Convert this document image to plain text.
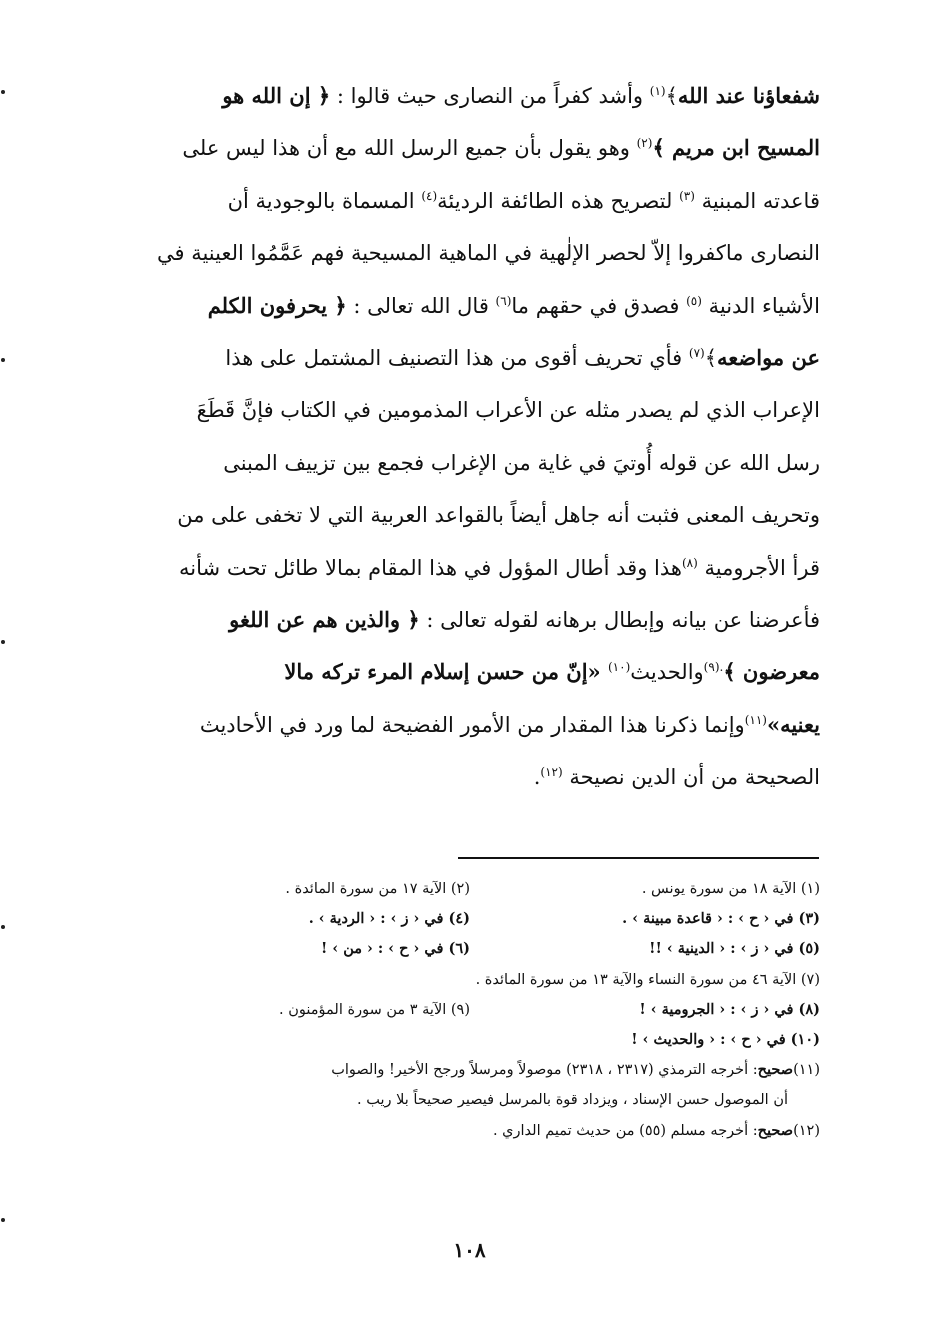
شفعاؤنا عند الله﴾$^{(١)}$ وأشد كفراً من النصارى حيث قالوا : ﴿ إن الله هو

المسيح ابن مريم ﴾$^{(٢)}$ وهو يقول بأن جميع الرسل الله مع أن هذا ليس على

قاعدته المبنية $^{(٣)}$ لتصريح هذه الطائفة الرديئة$^{(٤)}$ المسماة بالوجودية أن

النصارى ماكفروا إلاّ لحصر الإلٰهية في الماهية المسيحية فهم عَمَّمُوا العينية في

الأشياء الدنية $^{(٥)}$ فصدق في حقهم ما$^{(٦)}$ قال الله تعالى : ﴿ يحرفون الكلم

عن مواضعه﴾$^{(٧)}$ فأي تحريف أقوى من هذا التصنيف المشتمل على هذا

الإعراب الذي لم يصدر مثله عن الأعراب المذمومين في الكتاب فإنَّ قَطَعَ

رسل الله عن قوله أُوتيَ في غاية من الإغراب فجمع بين تزييف المبنى

وتحريف المعنى فثبت أنه جاهل أيضاً بالقواعد العربية التي لا تخفى على من

قرأ الأجرومية $^{(٨)}$هذا وقد أطال المؤول في هذا المقام بمالا طائل تحت شأنه

فأعرضنا عن بيانه وإبطال برهانه لقوله تعالى : ﴿ والذين هم عن اللغو

معرضون ﴾$^{.(٩)}$والحديث$^{(١٠)}$ «إنّ من حسن إسلام المرء تركه مالا

يعنيه»$^{(١١)}$وإنما ذكرنا هذا المقدار من الأمور الفضيحة لما ورد في الأحاديث

الصحيحة من أن الدين نصيحة $^{(١٢)}$.

(١) الآية ١٨ من سورة يونس .
(٢) الآية ١٧ من سورة المائدة .
(٣) في ‹ ح › : ‹ قاعدة مبينة › .
(٤) في ‹ ز › : ‹ الردية › .
(٥) في ‹ ز › : ‹ الدينية › !!
(٦) في ‹ ح › : ‹ من › !
(٧) الآية ٤٦ من سورة النساء والآية ١٣ من سورة المائدة .
(٨) في ‹ ز › : ‹ الجرومية › !
(٩) الآية ٣ من سورة المؤمنون .
(١٠) في ‹ ح › : ‹ والحديث › !
(١١)
صحيح
: أخرجه الترمذي (٢٣١٧ ، ٢٣١٨) موصولاً ومرسلاً ورجح الأخير! والصواب
أن الموصول حسن الإسناد ، ويزداد قوة بالمرسل فيصير صحيحاً بلا ريب .
(١٢)
صحيح
: أخرجه مسلم (٥٥) من حديث تميم الداري .
١٠٨
